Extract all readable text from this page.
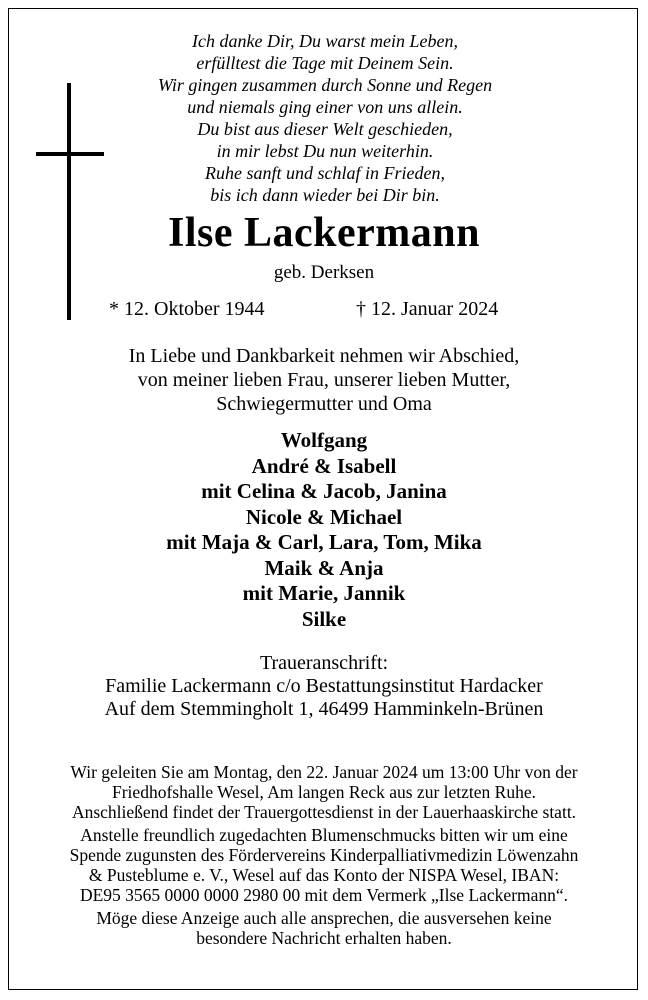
Ich danke Dir, Du warst mein Leben,
erfülltest die Tage mit Deinem Sein.
Wir gingen zusammen durch Sonne und Regen
und niemals ging einer von uns allein.
Du bist aus dieser Welt geschieden,
in mir lebst Du nun weiterhin.
Ruhe sanft und schlaf in Frieden,
bis ich dann wieder bei Dir bin.
Ilse Lackermann
geb. Derksen
* 12. Oktober 1944	† 12. Januar 2024
In Liebe und Dankbarkeit nehmen wir Abschied,
von meiner lieben Frau, unserer lieben Mutter,
Schwiegermutter und Oma
Wolfgang
André & Isabell
mit Celina & Jacob, Janina
Nicole & Michael
mit Maja & Carl, Lara, Tom, Mika
Maik & Anja
mit Marie, Jannik
Silke
Traueranschrift:
Familie Lackermann c/o Bestattungsinstitut Hardacker
Auf dem Stemmingholt 1, 46499 Hamminkeln-Brünen
Wir geleiten Sie am Montag, den 22. Januar 2024 um 13:00 Uhr von der
Friedhofshalle Wesel, Am langen Reck aus zur letzten Ruhe.
Anschließend findet der Trauergottesdienst in der Lauerhaaskirche statt.
Anstelle freundlich zugedachten Blumenschmucks bitten wir um eine
Spende zugunsten des Fördervereins Kinderpalliativmedizin Löwenzahn
& Pusteblume e. V., Wesel auf das Konto der NISPA Wesel, IBAN:
DE95 3565 0000 0000 2980 00 mit dem Vermerk „Ilse Lackermann“.
Möge diese Anzeige auch alle ansprechen, die ausversehen keine
besondere Nachricht erhalten haben.
